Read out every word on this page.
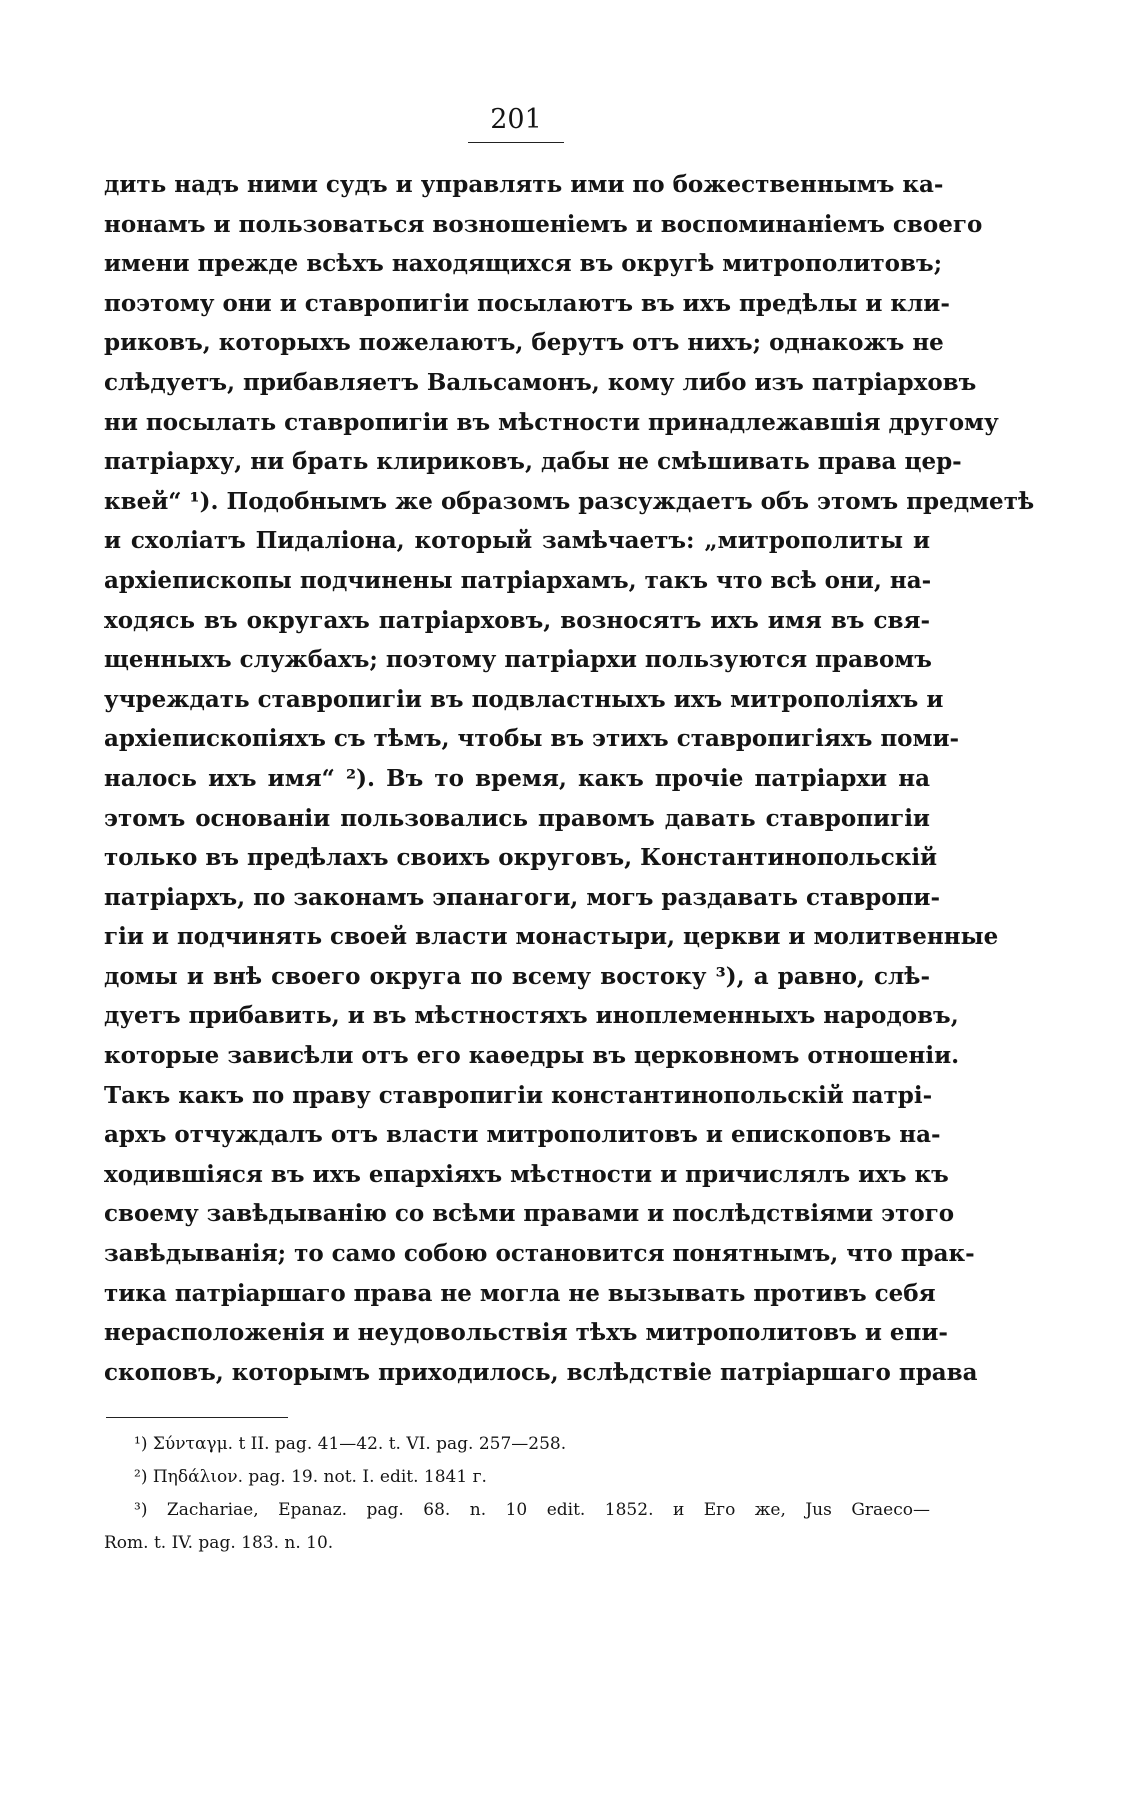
201
дить надъ ними судъ и управлять ими по божественнымъ ка-
нонамъ и пользоваться возношеніемъ и воспоминаніемъ своего
имени прежде всѣхъ находящихся въ округѣ митрополитовъ;
поэтому они и ставропигіи посылаютъ въ ихъ предѣлы и кли-
риковъ, которыхъ пожелаютъ, берутъ отъ нихъ; однакожъ не
слѣдуетъ, прибавляетъ Вальсамонъ, кому либо изъ патріарховъ
ни посылать ставропигіи въ мѣстности принадлежавшія другому
патріарху, ни брать клириковъ, дабы не смѣшивать права цер-
квей“ ¹). Подобнымъ же образомъ разсуждаетъ объ этомъ предметѣ
и схоліатъ Пидаліона, который замѣчаетъ: „митрополиты и
архіепископы подчинены патріархамъ, такъ что всѣ они, на-
ходясь въ округахъ патріарховъ, возносятъ ихъ имя въ свя-
щенныхъ службахъ; поэтому патріархи пользуются правомъ
учреждать ставропигіи въ подвластныхъ ихъ митрополіяхъ и
архіепископіяхъ съ тѣмъ, чтобы въ этихъ ставропигіяхъ поми-
налось ихъ имя“ ²). Въ то время, какъ прочіе патріархи на
этомъ основаніи пользовались правомъ давать ставропигіи
только въ предѣлахъ своихъ округовъ, Константинопольскій
патріархъ, по законамъ эпанагоги, могъ раздавать ставропи-
гіи и подчинять своей власти монастыри, церкви и молитвенные
домы и внѣ своего округа по всему востоку ³), а равно, слѣ-
дуетъ прибавить, и въ мѣстностяхъ иноплеменныхъ народовъ,
которые зависѣли отъ его каѳедры въ церковномъ отношеніи.
Такъ какъ по праву ставропигіи константинопольскій патрі-
архъ отчуждалъ отъ власти митрополитовъ и епископовъ на-
ходившіяся въ ихъ епархіяхъ мѣстности и причислялъ ихъ къ
своему завѣдыванію со всѣми правами и послѣдствіями этого
завѣдыванія; то само собою остановится понятнымъ, что прак-
тика патріаршаго права не могла не вызывать противъ себя
нерасположенія и неудовольствія тѣхъ митрополитовъ и епи-
скоповъ, которымъ приходилось, вслѣдствіе патріаршаго права
¹) Σύνταγμ. t II. pag. 41—42. t. VI. pag. 257—258.
²) Πηδάλιον. pag. 19. not. I. edit. 1841 г.
³) Zachariae, Epanaz. pag. 68. n. 10 edit. 1852. и Его же, Jus Graeco—
Rom. t. IV. pag. 183. n. 10.
